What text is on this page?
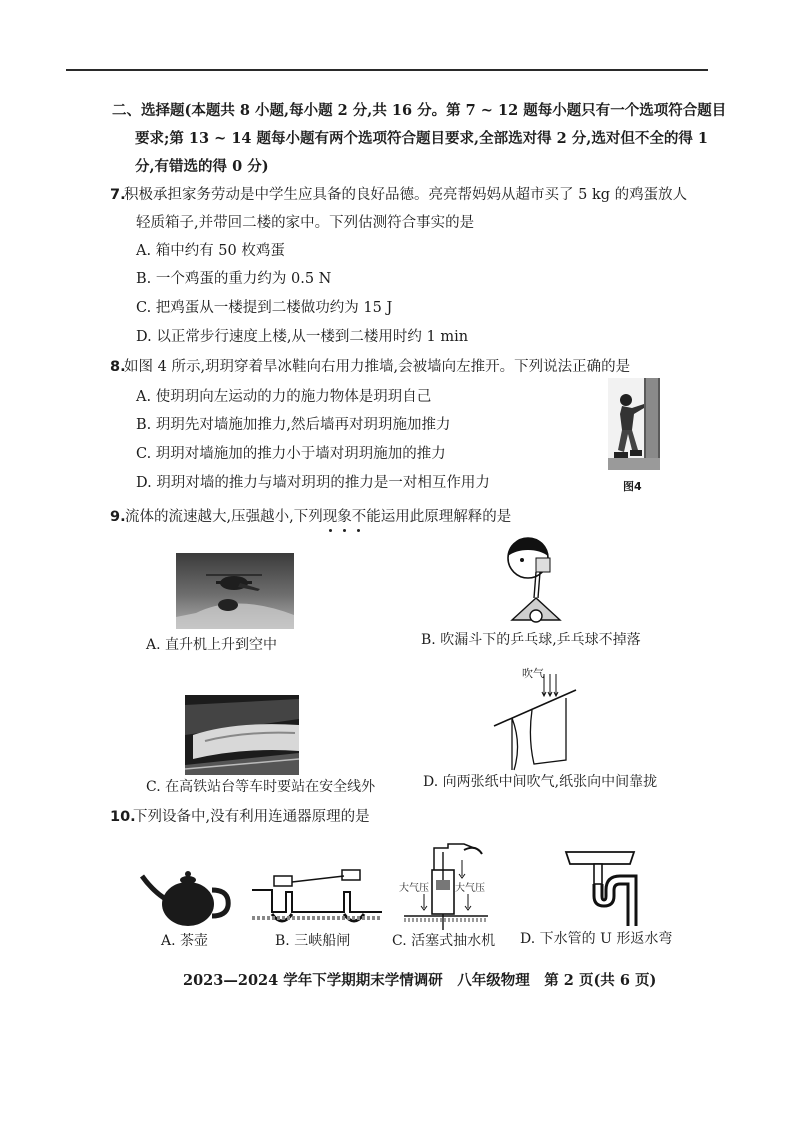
二、选择题(本题共 8 小题,每小题 2 分,共 16 分。第 7 ~ 12 题每小题只有一个选项符合题目
要求;第 13 ~ 14 题每小题有两个选项符合题目要求,全部选对得 2 分,选对但不全的得 1
分,有错选的得 0 分)
7.
积极承担家务劳动是中学生应具备的良好品德。亮亮帮妈妈从超市买了 5 kg 的鸡蛋放人
轻质箱子,并带回二楼的家中。下列估测符合事实的是
A. 箱中约有 50 枚鸡蛋
B. 一个鸡蛋的重力约为 0.5 N
C. 把鸡蛋从一楼提到二楼做功约为 15 J
D. 以正常步行速度上楼,从一楼到二楼用时约 1 min
8.
如图 4 所示,玥玥穿着旱冰鞋向右用力推墙,会被墙向左推开。下列说法正确的是
A. 使玥玥向左运动的力的施力物体是玥玥自己
B. 玥玥先对墙施加推力,然后墙再对玥玥施加推力
C. 玥玥对墙施加的推力小于墙对玥玥施加的推力
D. 玥玥对墙的推力与墙对玥玥的推力是一对相互作用力	图4
9. 流体的流速越大,压强越小,下列现象不能运用此原理解释的是
A. 直升机上升到空中	B. 吹漏斗下的乒乓球,乒乓球不掉落
C. 在高铁站台等车时要站在安全线外
吹气
D. 向两张纸中间吹气,纸张向中间靠拢
10.
下列设备中,没有利用连通器原理的是
A. 茶壶	B. 三峡船闸
大气压	大气压
C. 活塞式抽水机 D. 下水管的 U 形返水弯
2023—2024 学年下学期期末学情调研　八年级物理　第 2 页(共 6 页)
